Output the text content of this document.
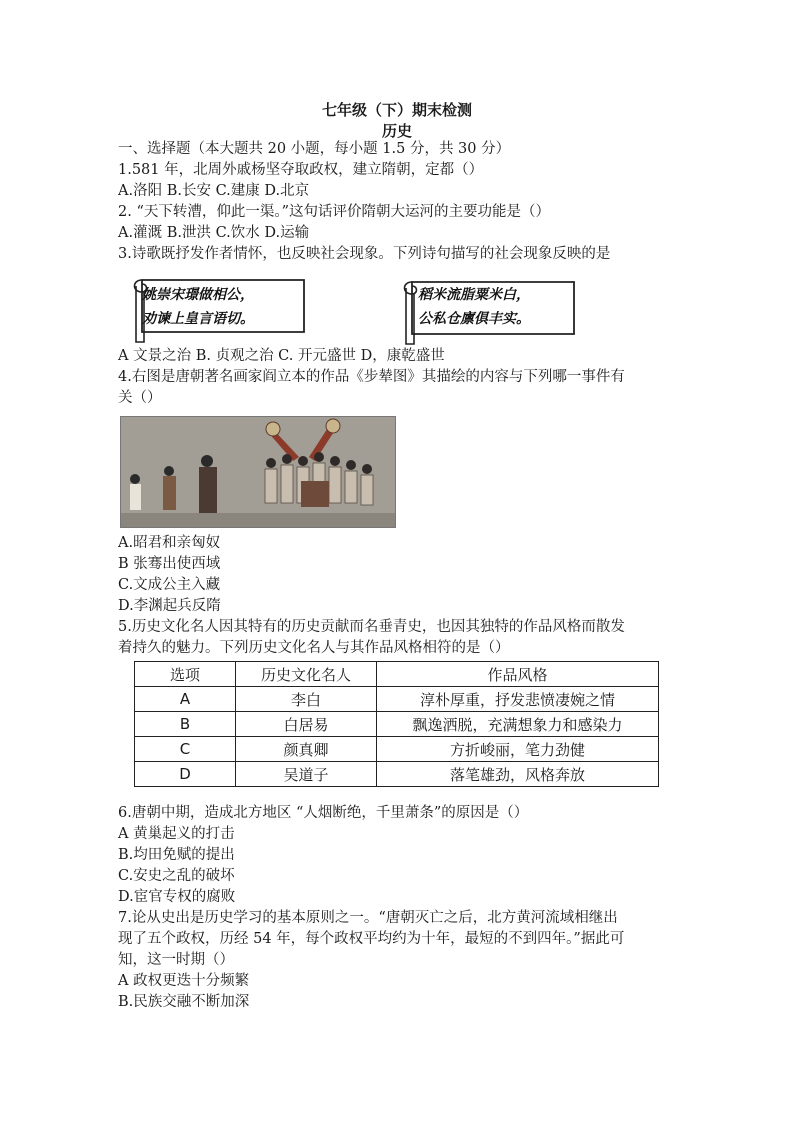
七年级（下）期末检测
历史
一、选择题（本大题共 20 小题，每小题 1.5 分，共 30 分）
1.581 年，北周外戚杨坚夺取政权，建立隋朝，定都（）
A.洛阳 B.长安 C.建康 D.北京
2. “天下转漕，仰此一渠。”这句话评价隋朝大运河的主要功能是（）
A.灌溉 B.泄洪 C.饮水 D.运输
3.诗歌既抒发作者情怀，也反映社会现象。下列诗句描写的社会现象反映的是
姚崇宋璟做相公，
劝谏上皇言语切。
稻米流脂粟米白，
公私仓廪俱丰实。
A 文景之治 B. 贞观之治 C. 开元盛世 D，康乾盛世
4.右图是唐朝著名画家阎立本的作品《步辇图》其描绘的内容与下列哪一事件有
关（）
A.昭君和亲匈奴
B 张骞出使西域
C.文成公主入藏
D.李渊起兵反隋
5.历史文化名人因其特有的历史贡献而名垂青史，也因其独特的作品风格而散发
着持久的魅力。下列历史文化名人与其作品风格相符的是（）
选项	历史文化名人	作品风格
A	李白	淳朴厚重，抒发悲愤凄婉之情
B	白居易	飘逸洒脱，充满想象力和感染力
C	颜真卿	方折峻丽，笔力劲健
D	吴道子	落笔雄劲，风格奔放
6.唐朝中期，造成北方地区 “人烟断绝，千里萧条”的原因是（）
A 黄巢起义的打击
B.均田免赋的提出
C.安史之乱的破坏
D.宦官专权的腐败
7.论从史出是历史学习的基本原则之一。“唐朝灭亡之后，北方黄河流域相继出
现了五个政权，历经 54 年，每个政权平均约为十年，最短的不到四年。”据此可
知，这一时期（）
A 政权更迭十分频繁
B.民族交融不断加深
